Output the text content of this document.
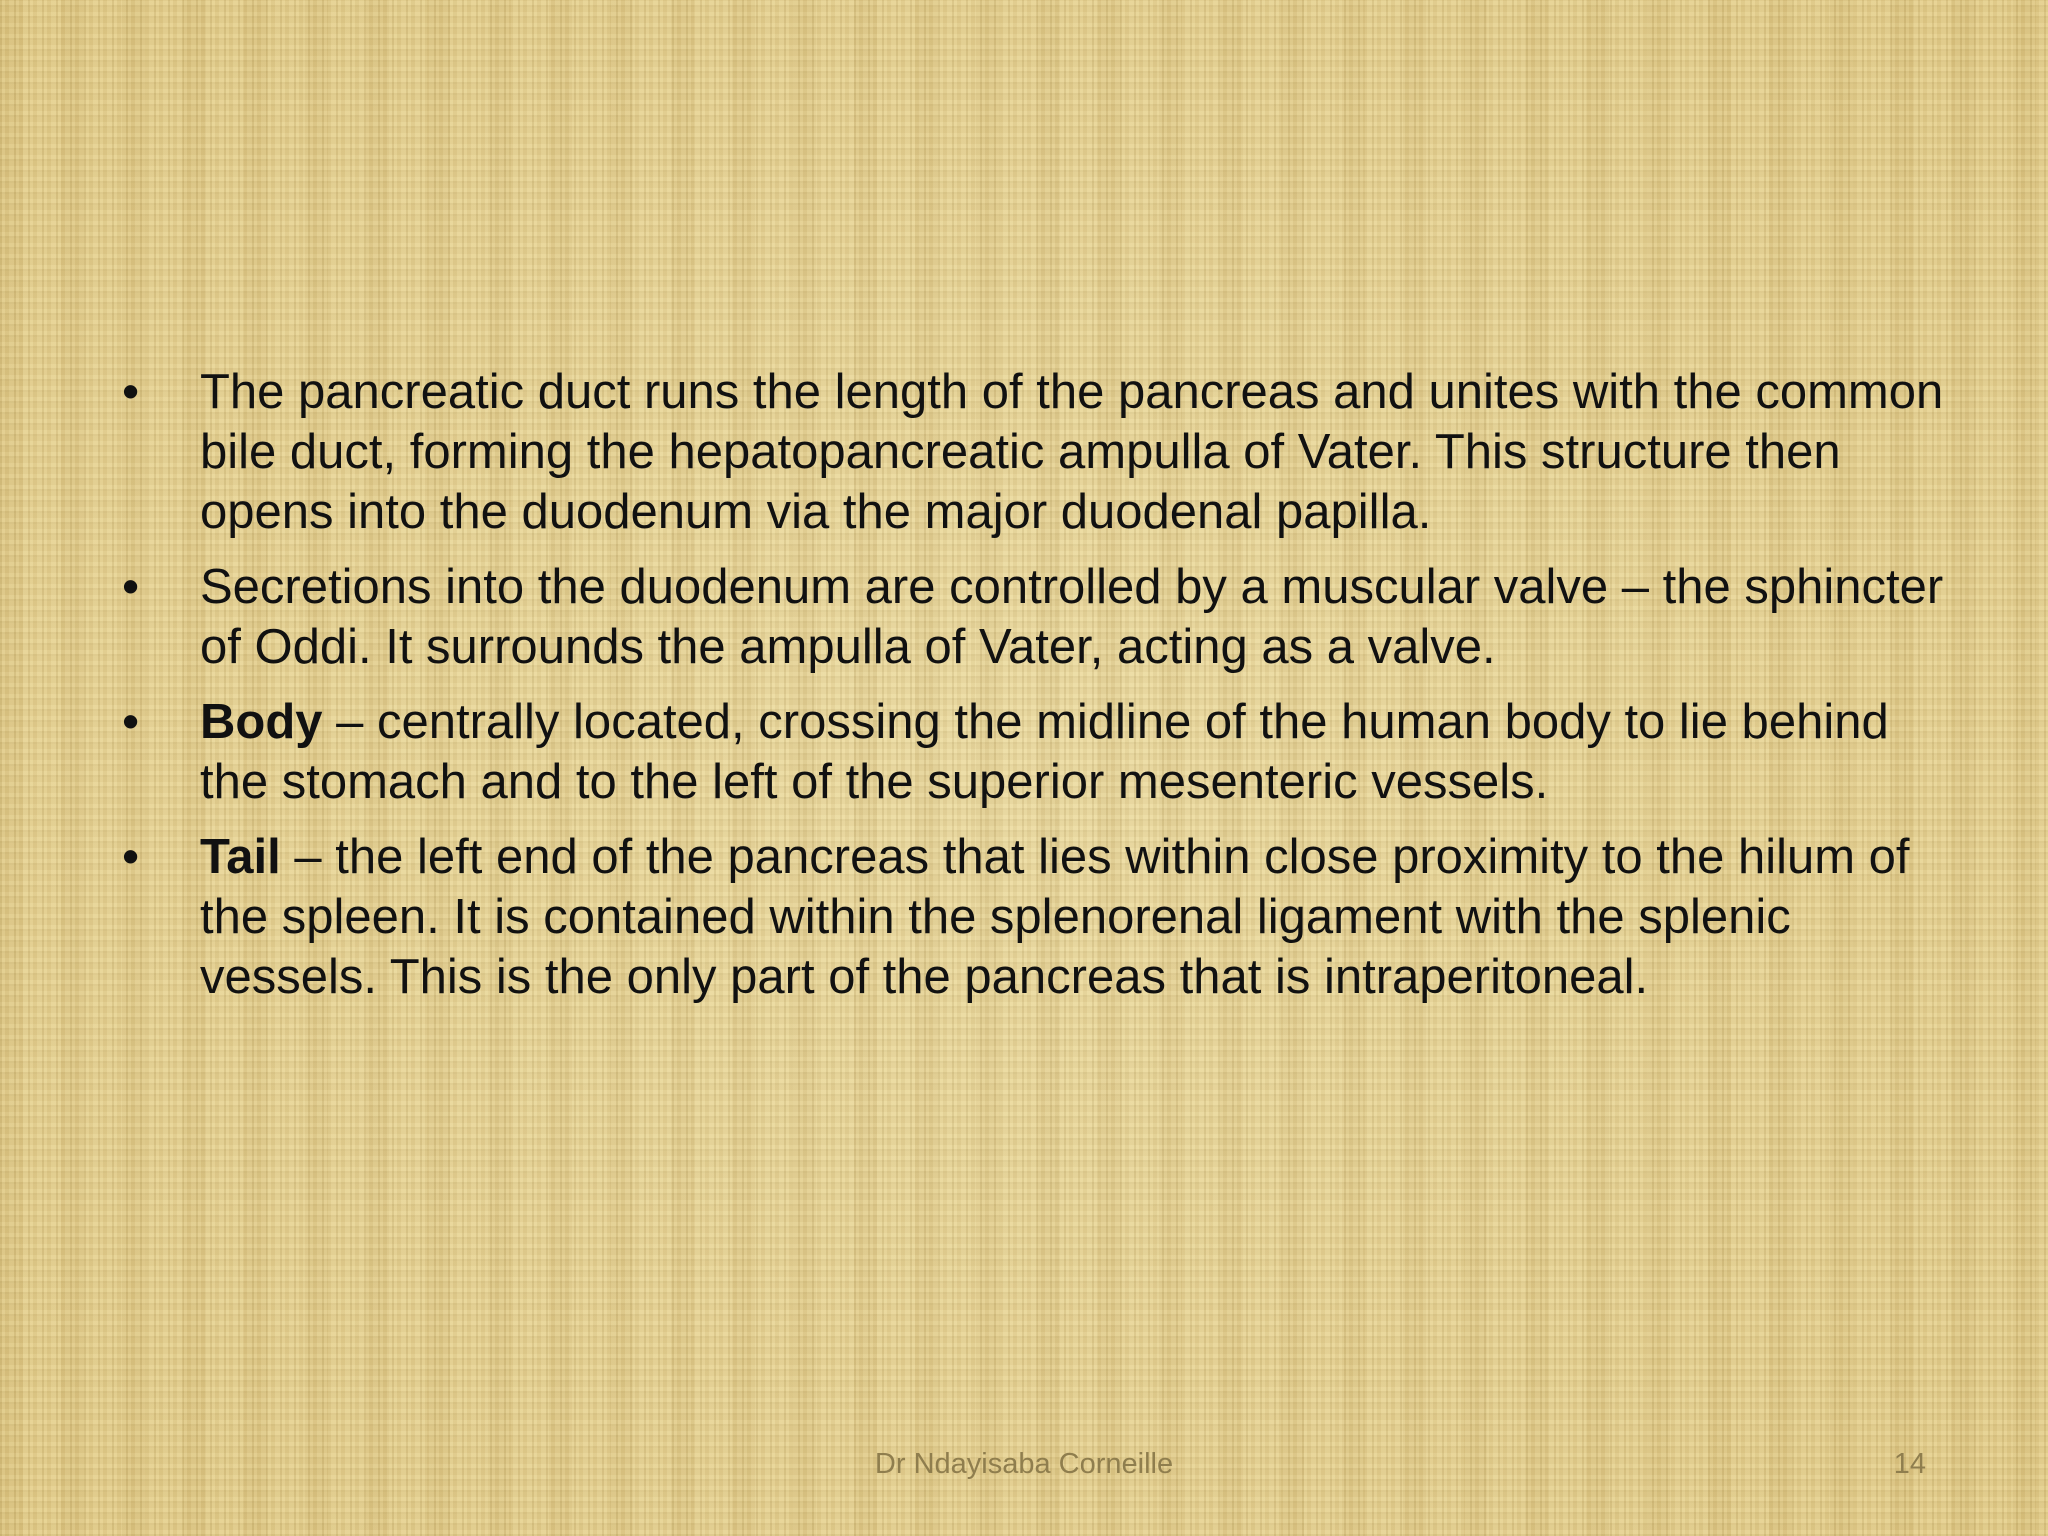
•	The pancreatic duct runs the length of the pancreas and unites with the common bile duct, forming the hepatopancreatic ampulla of Vater. This structure then opens into the duodenum via the major duodenal papilla.
•	Secretions into the duodenum are controlled by a muscular valve – the sphincter of Oddi. It surrounds the ampulla of Vater, acting as a valve.
•	Body – centrally located, crossing the midline of the human body to lie behind the stomach and to the left of the superior mesenteric vessels.
•	Tail – the left end of the pancreas that lies within close proximity to the hilum of the spleen. It is contained within the splenorenal ligament with the splenic vessels. This is the only part of the pancreas that is intraperitoneal.
Dr Ndayisaba Corneille	14
